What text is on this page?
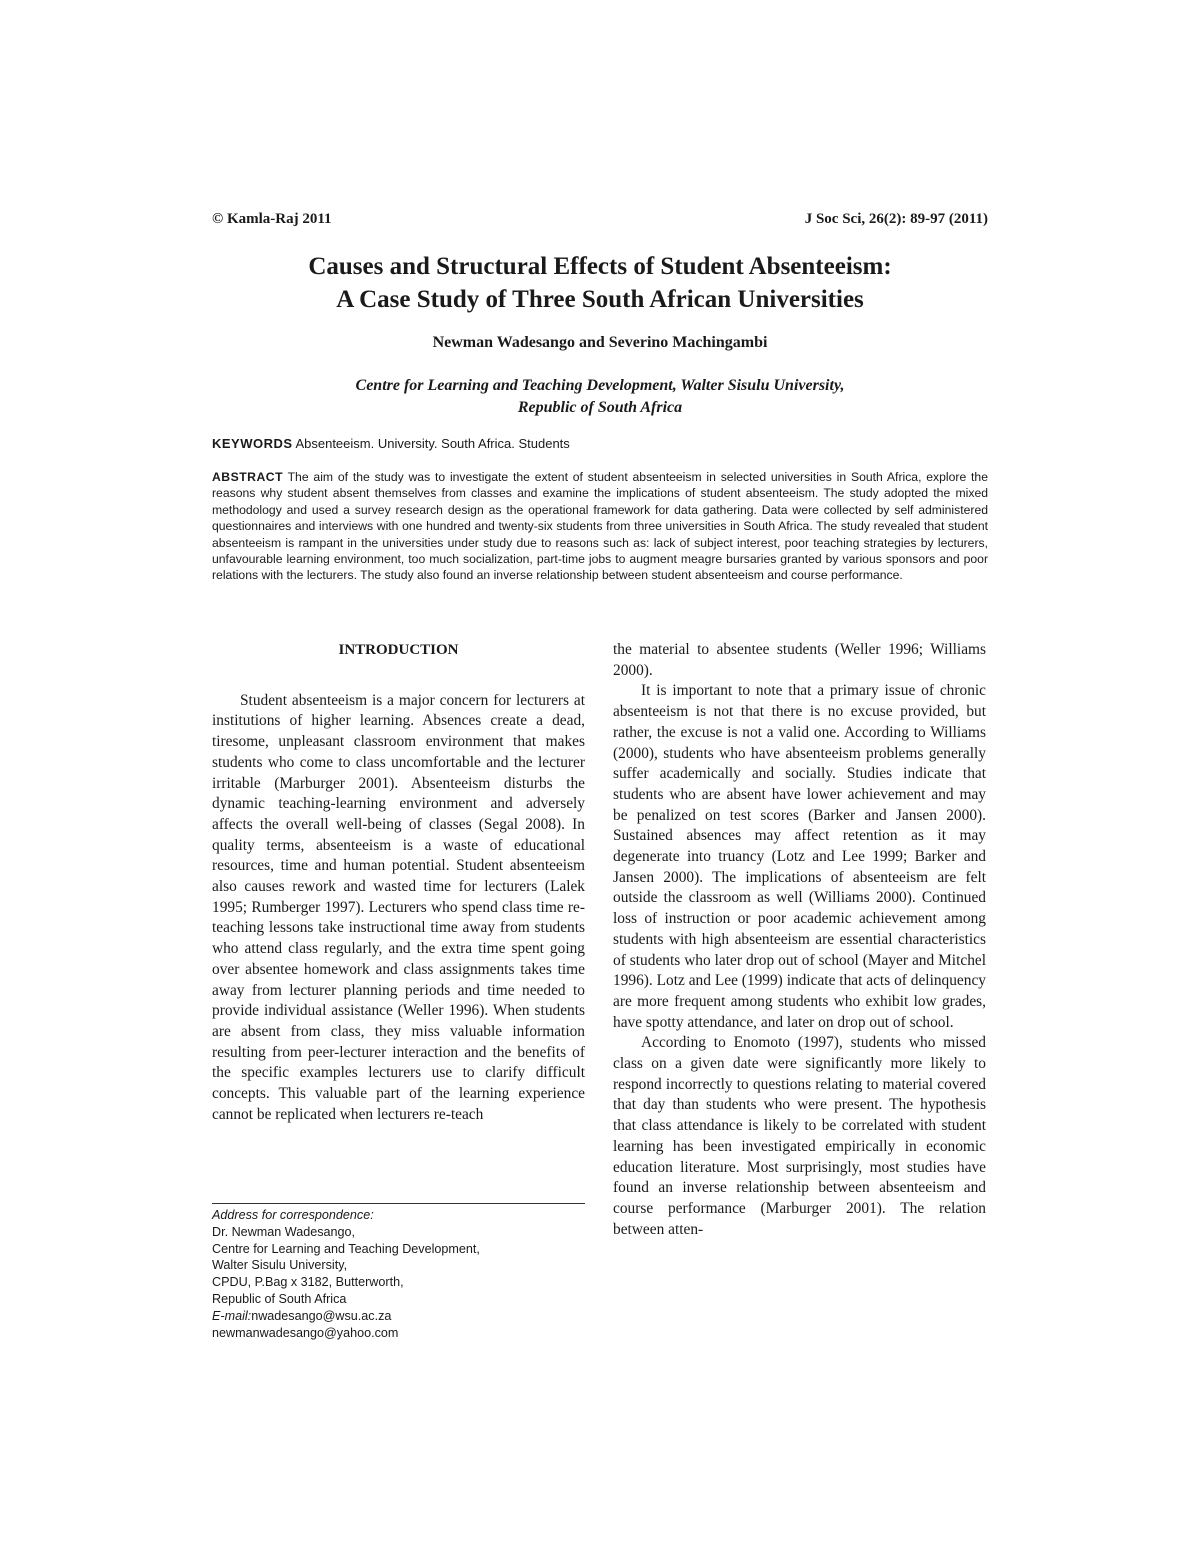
© Kamla-Raj 2011	J Soc Sci, 26(2): 89-97 (2011)
Causes and Structural Effects of Student Absenteeism:
A Case Study of Three South African Universities
Newman Wadesango and Severino Machingambi
Centre for Learning and Teaching Development, Walter Sisulu University,
Republic of South Africa
KEYWORDS Absenteeism. University. South Africa. Students
ABSTRACT The aim of the study was to investigate the extent of student absenteeism in selected universities in South Africa, explore the reasons why student absent themselves from classes and examine the implications of student absenteeism. The study adopted the mixed methodology and used a survey research design as the operational framework for data gathering. Data were collected by self administered questionnaires and interviews with one hundred and twenty-six students from three universities in South Africa. The study revealed that student absenteeism is rampant in the universities under study due to reasons such as: lack of subject interest, poor teaching strategies by lecturers, unfavourable learning environment, too much socialization, part-time jobs to augment meagre bursaries granted by various sponsors and poor relations with the lecturers. The study also found an inverse relationship between student absenteeism and course performance.
INTRODUCTION

Student absenteeism is a major concern for lecturers at institutions of higher learning. Absences create a dead, tiresome, unpleasant classroom environment that makes students who come to class uncomfortable and the lecturer irritable (Marburger 2001). Absenteeism disturbs the dynamic teaching-learning environment and adversely affects the overall well-being of classes (Segal 2008). In quality terms, absenteeism is a waste of educational resources, time and human potential. Student absenteeism also causes rework and wasted time for lecturers (Lalek 1995; Rumberger 1997). Lecturers who spend class time re-teaching lessons take instructional time away from students who attend class regularly, and the extra time spent going over absentee homework and class assignments takes time away from lecturer planning periods and time needed to provide individual assistance (Weller 1996). When students are absent from class, they miss valuable information resulting from peer-lecturer interaction and the benefits of the specific examples lecturers use to clarify difficult concepts. This valuable part of the learning experience cannot be replicated when lecturers re-teach

the material to absentee students (Weller 1996; Williams 2000).

It is important to note that a primary issue of chronic absenteeism is not that there is no excuse provided, but rather, the excuse is not a valid one. According to Williams (2000), students who have absenteeism problems generally suffer academically and socially. Studies indicate that students who are absent have lower achievement and may be penalized on test scores (Barker and Jansen 2000). Sustained absences may affect retention as it may degenerate into truancy (Lotz and Lee 1999; Barker and Jansen 2000). The implications of absenteeism are felt outside the classroom as well (Williams 2000). Continued loss of instruction or poor academic achievement among students with high absenteeism are essential characteristics of students who later drop out of school (Mayer and Mitchel 1996). Lotz and Lee (1999) indicate that acts of delinquency are more frequent among students who exhibit low grades, have spotty attendance, and later on drop out of school.

According to Enomoto (1997), students who missed class on a given date were significantly more likely to respond incorrectly to questions relating to material covered that day than students who were present. The hypothesis that class attendance is likely to be correlated with student learning has been investigated empirically in economic education literature. Most surprisingly, most studies have found an inverse relationship between absenteeism and course performance (Marburger 2001). The relation between atten-

Address for correspondence:
Dr. Newman Wadesango,
Centre for Learning and Teaching Development,
Walter Sisulu University,
CPDU, P.Bag x 3182, Butterworth,
Republic of South Africa
E-mail:nwadesango@wsu.ac.za
newmanwadesango@yahoo.com
